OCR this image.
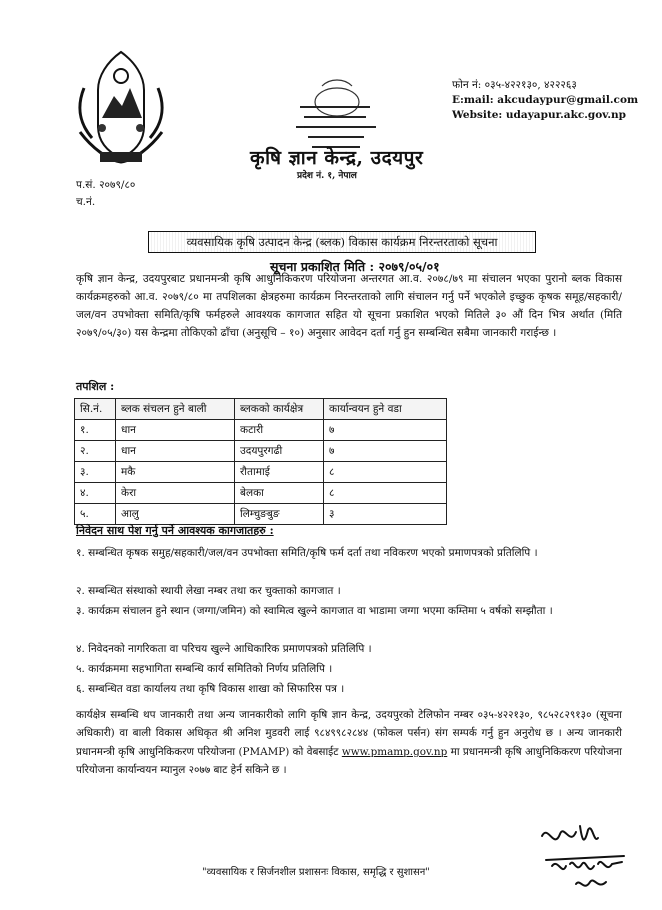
फोन नं: ०३५-४२२१३०, ४२२२६३
E:mail: akcudaypur@gmail.com
Website: udayapur.akc.gov.np
कृषि ज्ञान केन्द्र, उदयपुर
प्रदेश नं. १, नेपाल
प.सं. २०७९/८०
च.नं.
व्यवसायिक कृषि उत्पादन केन्द्र (ब्लक) विकास कार्यक्रम निरन्तरताको सूचना
सूचना प्रकाशित मिति : २०७९/०५/०१
कृषि ज्ञान केन्द्र, उदयपुरबाट प्रधानमन्त्री कृषि आधुनिकिकरण परियोजना अन्तरगत आ.व. २०७८/७९ मा संचालन भएका पुरानो ब्लक विकास कार्यक्रमहरुको आ.व. २०७९/८० मा तपशिलका क्षेत्रहरुमा कार्यक्रम निरन्तरताको लागि संचालन गर्नु पर्ने भएकोले इच्छुक कृषक समूह/सहकारी/जल/वन उपभोक्ता समिति/कृषि फर्महरुले आवश्यक कागजात सहित यो सूचना प्रकाशित भएको मितिले ३० औं दिन भित्र अर्थात (मिति २०७९/०५/३०) यस केन्द्रमा तोकिएको ढाँचा (अनुसूचि – १०) अनुसार आवेदन दर्ता गर्नु हुन सम्बन्धित सबैमा जानकारी गराईन्छ ।
तपशिल :
सि.नं.	ब्लक संचलन हुने बाली	ब्लकको कार्यक्षेत्र	कार्यान्वयन हुने वडा
१.	धान	कटारी	७
२.	धान	उदयपुरगढी	७
३.	मकै	रौतामाई	८
४.	केरा	बेलका	८
५.	आलु	लिम्चुङबुङ	३
निवेदन साथ पेश गर्नु पर्ने आवश्यक कागजातहरु :
१. सम्बन्धित कृषक समुह/सहकारी/जल/वन उपभोक्ता समिति/कृषि फर्म दर्ता तथा नविकरण भएको प्रमाणपत्रको प्रतिलिपि ।
२. सम्बन्धित संस्थाको स्थायी लेखा नम्बर तथा कर चुक्ताको कागजात ।
३. कार्यक्रम संचालन हुने स्थान (जग्गा/जमिन) को स्वामित्व खुल्ने कागजात वा भाडामा जग्गा भएमा कम्तिमा ५ वर्षको सम्झौता ।
४. निवेदनको नागरिकता वा परिचय खुल्ने आधिकारिक प्रमाणपत्रको प्रतिलिपि ।
५. कार्यक्रममा सहभागिता सम्बन्धि कार्य समितिको निर्णय प्रतिलिपि ।
६. सम्बन्धित वडा कार्यालय तथा कृषि विकास शाखा को सिफारिस पत्र ।
कार्यक्षेत्र सम्बन्धि थप जानकारी तथा अन्य जानकारीको लागि कृषि ज्ञान केन्द्र, उदयपुरको टेलिफोन नम्बर ०३५-४२२१३०, ९८५२८२९१३० (सूचना अधिकारी) वा बाली विकास अधिकृत श्री अनिश मुडवरी लाई ९८४९९८२८४४ (फोकल पर्सन) संग सम्पर्क गर्नु हुन अनुरोध छ । अन्य जानकारी प्रधानमन्त्री कृषि आधुनिकिकरण परियोजना (PMAMP) को वेबसाईट www.pmamp.gov.np मा प्रधानमन्त्री कृषि आधुनिकिकरण परियोजना परियोजना कार्यान्वयन म्यानुल २०७७ बाट हेर्न सकिने छ ।
"व्यवसायिक र सिर्जनशील प्रशासनः विकास, समृद्धि र सुशासन"
